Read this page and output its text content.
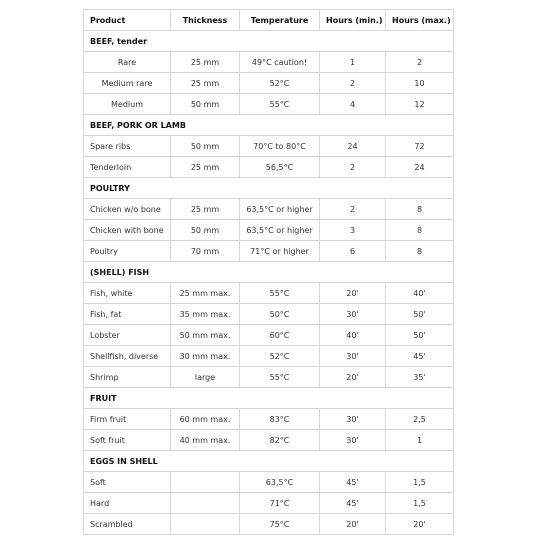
Product	Thickness	Temperature	Hours (min.)	Hours (max.)
BEEF, tender				
Rare	25 mm	49°C caution!	1	2
Medium rare	25 mm	52°C	2	10
Medium	50 mm	55°C	4	12
BEEF, PORK OR LAMB				
Spare ribs	50 mm	70°C to 80°C	24	72
Tenderloin	25 mm	56,5°C	2	24
POULTRY				
Chicken w/o bone	25 mm	63,5°C or higher	2	8
Chicken with bone	50 mm	63,5°C or higher	3	8
Poultry	70 mm	71°C or higher	6	8
(SHELL) FISH				
Fish, white	25 mm max.	55°C	20'	40'
Fish, fat	35 mm max.	50°C	30'	50'
Lobster	50 mm max.	60°C	40'	50'
Shellfish, diverse	30 mm max.	52°C	30'	45'
Shrimp	large	55°C	20'	35'
FRUIT				
Firm fruit	60 mm max.	83°C	30'	2,5
Soft fruit	40 mm max.	82°C	30'	1
EGGS IN SHELL				
Soft		63,5°C	45'	1,5
Hard		71°C	45'	1,5
Scrambled		75°C	20'	20'
